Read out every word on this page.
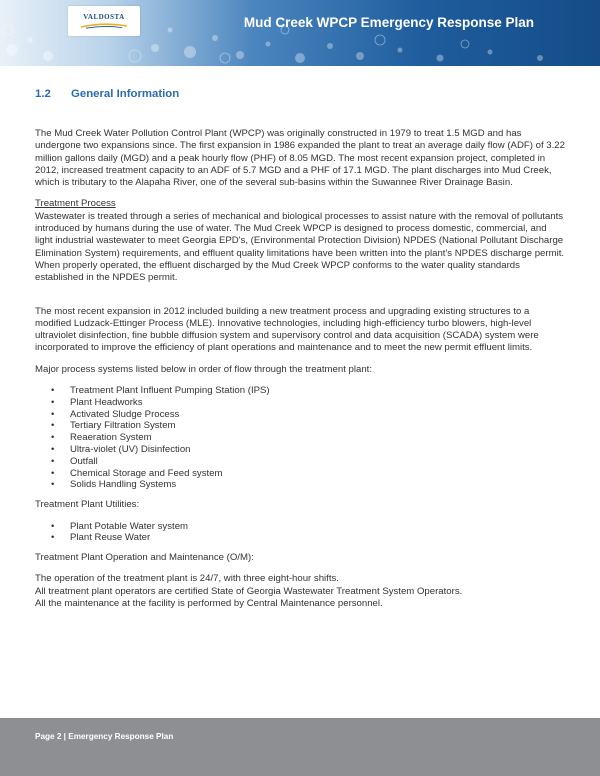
VALDOSTA	Mud Creek WPCP Emergency Response Plan
1.2 General Information

The Mud Creek Water Pollution Control Plant (WPCP) was originally constructed in 1979 to treat 1.5 MGD and has undergone two expansions since. The first expansion in 1986 expanded the plant to treat an average daily flow (ADF) of 3.22 million gallons daily (MGD) and a peak hourly flow (PHF) of 8.05 MGD. The most recent expansion project, completed in 2012, increased treatment capacity to an ADF of 5.7 MGD and a PHF of 17.1 MGD. The plant discharges into Mud Creek, which is tributary to the Alapaha River, one of the several sub-basins within the Suwannee River Drainage Basin.

Treatment Process

Wastewater is treated through a series of mechanical and biological processes to assist nature with the removal of pollutants introduced by humans during the use of water. The Mud Creek WPCP is designed to process domestic, commercial, and light industrial wastewater to meet Georgia EPD's, (Environmental Protection Division) NPDES (National Pollutant Discharge Elimination System) requirements, and effluent quality limitations have been written into the plant's NPDES discharge permit. When properly operated, the effluent discharged by the Mud Creek WPCP conforms to the water quality standards established in the NPDES permit.

The most recent expansion in 2012 included building a new treatment process and upgrading existing structures to a modified Ludzack-Ettinger Process (MLE). Innovative technologies, including high-efficiency turbo blowers, high-level ultraviolet disinfection, fine bubble diffusion system and supervisory control and data acquisition (SCADA) system were incorporated to improve the efficiency of plant operations and maintenance and to meet the new permit effluent limits.

Major process systems listed below in order of flow through the treatment plant:

• Treatment Plant Influent Pumping Station (IPS)
• Plant Headworks
• Activated Sludge Process
• Tertiary Filtration System
• Reaeration System
• Ultra-violet (UV) Disinfection
• Outfall
• Chemical Storage and Feed system
• Solids Handling Systems

Treatment Plant Utilities:

• Plant Potable Water system
• Plant Reuse Water

Treatment Plant Operation and Maintenance (O/M):

The operation of the treatment plant is 24/7, with three eight-hour shifts.

All treatment plant operators are certified State of Georgia Wastewater Treatment System Operators.

All the maintenance at the facility is performed by Central Maintenance personnel.

Page 2 | Emergency Response Plan
